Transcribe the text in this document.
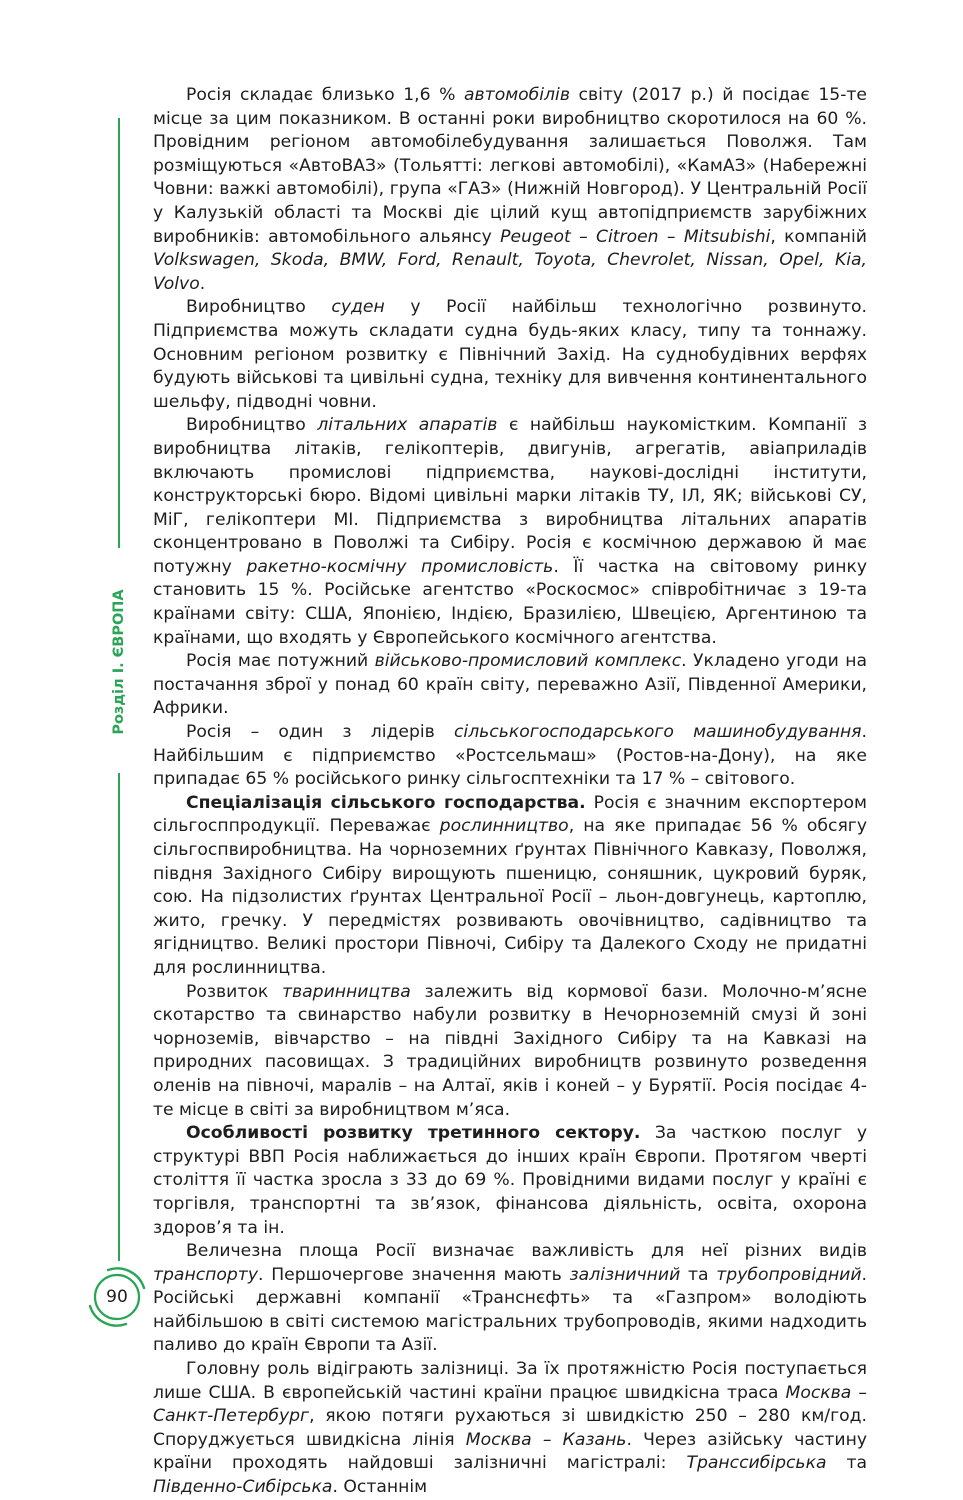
Розділ І. ЄВРОПА
90

Росія складає близько 1,6 % автомобілів світу (2017 р.) й посідає 15-те місце за цим показником. В останні роки виробництво скоротилося на 60 %. Провідним регіоном автомобілебудування залишається Поволжя. Там розміщуються «АвтоВАЗ» (Тольятті: легкові автомобілі), «КамАЗ» (Набережні Човни: важкі автомобілі), група «ГАЗ» (Нижній Новгород). У Центральній Росії у Калузькій області та Москві діє цілий кущ автопідприємств зарубіжних виробників: автомобільного альянсу Peugeot – Citroen – Mitsubishi, компаній Volkswagen, Skoda, BMW, Ford, Renault, Toyota, Chevrolet, Nissan, Opel, Kia, Volvo.

Виробництво суден у Росії найбільш технологічно розвинуто. Підприємства можуть складати судна будь-яких класу, типу та тоннажу. Основним регіоном розвитку є Північний Захід. На суднобудівних верфях будують військові та цивільні судна, техніку для вивчення континентального шельфу, підводні човни.

Виробництво літальних апаратів є найбільш наукомістким. Компанії з виробництва літаків, гелікоптерів, двигунів, агрегатів, авіаприладів включають промислові підприємства, наукові-дослідні інститути, конструкторські бюро. Відомі цивільні марки літаків ТУ, ІЛ, ЯК; військові СУ, МіГ, гелікоптери МІ. Підприємства з виробництва літальних апаратів сконцентровано в Поволжі та Сибіру. Росія є космічною державою й має потужну ракетно-космічну промисловість. Її частка на світовому ринку становить 15 %. Російське агентство «Роскосмос» співробітничає з 19-та країнами світу: США, Японією, Індією, Бразилією, Швецією, Аргентиною та країнами, що входять у Європейського космічного агентства.

Росія має потужний військово-промисловий комплекс. Укладено угоди на постачання зброї у понад 60 країн світу, переважно Азії, Південної Америки, Африки.

Росія – один з лідерів сільськогосподарського машинобудування. Найбільшим є підприємство «Ростсельмаш» (Ростов-на-Дону), на яке припадає 65 % російського ринку сільгосптехніки та 17 % – світового.

Спеціалізація сільського господарства. Росія є значним експортером сільгосппродукції. Переважає рослинництво, на яке припадає 56 % обсягу сільгоспвиробництва. На чорноземних ґрунтах Північного Кавказу, Поволжя, півдня Західного Сибіру вирощують пшеницю, соняшник, цукровий буряк, сою. На підзолистих ґрунтах Центральної Росії – льон-довгунець, картоплю, жито, гречку. У передмістях розвивають овочівництво, садівництво та ягідництво. Великі простори Півночі, Сибіру та Далекого Сходу не придатні для рослинництва.

Розвиток тваринництва залежить від кормової бази. Молочно-м’ясне скотарство та свинарство набули розвитку в Нечорноземній смузі й зоні чорноземів, вівчарство – на півдні Західного Сибіру та на Кавказі на природних пасовищах. З традиційних виробництв розвинуто розведення оленів на півночі, маралів – на Алтаї, яків і коней – у Бурятії. Росія посідає 4-те місце в світі за виробництвом м’яса.

Особливості розвитку третинного сектору. За часткою послуг у структурі ВВП Росія наближається до інших країн Європи. Протягом чверті століття її частка зросла з 33 до 69 %. Провідними видами послуг у країні є торгівля, транспортні та зв’язок, фінансова діяльність, освіта, охорона здоров’я та ін.

Величезна площа Росії визначає важливість для неї різних видів транспорту. Першочергове значення мають залізничний та трубопровідний. Російські державні компанії «Транснєфть» та «Газпром» володіють найбільшою в світі системою магістральних трубопроводів, якими надходить паливо до країн Європи та Азії.

Головну роль відіграють залізниці. За їх протяжністю Росія поступається лише США. В європейській частині країни працює швидкісна траса Москва – Санкт-Петербург, якою потяги рухаються зі швидкістю 250 – 280 км/год. Споруджується швидкісна лінія Москва – Казань. Через азійську частину країни проходять найдовші залізничні магістралі: Транссибірська та Південно-Сибірська. Останнім
